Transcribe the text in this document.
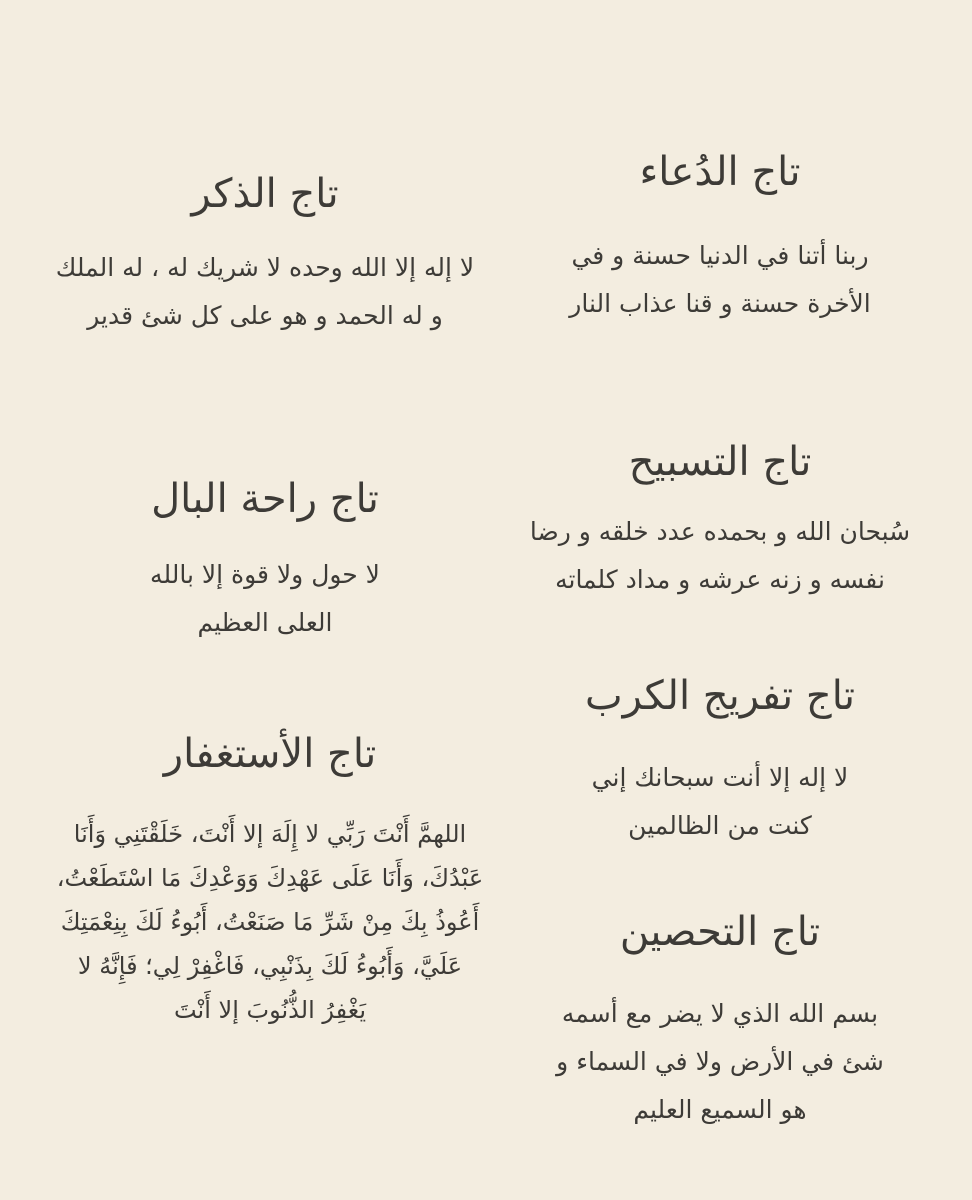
تاج الدُعاء

ربنا أتنا في الدنيا حسنة و في
الأخرة حسنة و قنا عذاب النار

تاج الذكر

لا إله إلا الله وحده لا شريك له ، له الملك
و له الحمد و هو على كل شئ قدير

تاج التسبيح

سُبحان الله و بحمده عدد خلقه و رضا
نفسه و زنه عرشه و مداد كلماته

تاج راحة البال

لا حول ولا قوة إلا بالله
العلى العظيم

تاج تفريج الكرب

لا إله إلا أنت سبحانك إني
كنت من الظالمين

تاج الأستغفار

اللهمَّ أَنْتَ رَبِّي لا إِلَهَ إلا أَنْتَ، خَلَقْتَنِي وَأَنَا
عَبْدُكَ، وَأَنَا عَلَى عَهْدِكَ وَوَعْدِكَ مَا اسْتَطَعْتُ،
أَعُوذُ بِكَ مِنْ شَرِّ مَا صَنَعْتُ، أَبُوءُ لَكَ بِنِعْمَتِكَ
عَلَيَّ، وَأَبُوءُ لَكَ بِذَنْبِي، فَاغْفِرْ لِي؛ فَإِنَّهُ لا
يَغْفِرُ الذُّنُوبَ إلا أَنْتَ

تاج التحصين

بسم الله الذي لا يضر مع أسمه
شئ في الأرض ولا في السماء و
هو السميع العليم
